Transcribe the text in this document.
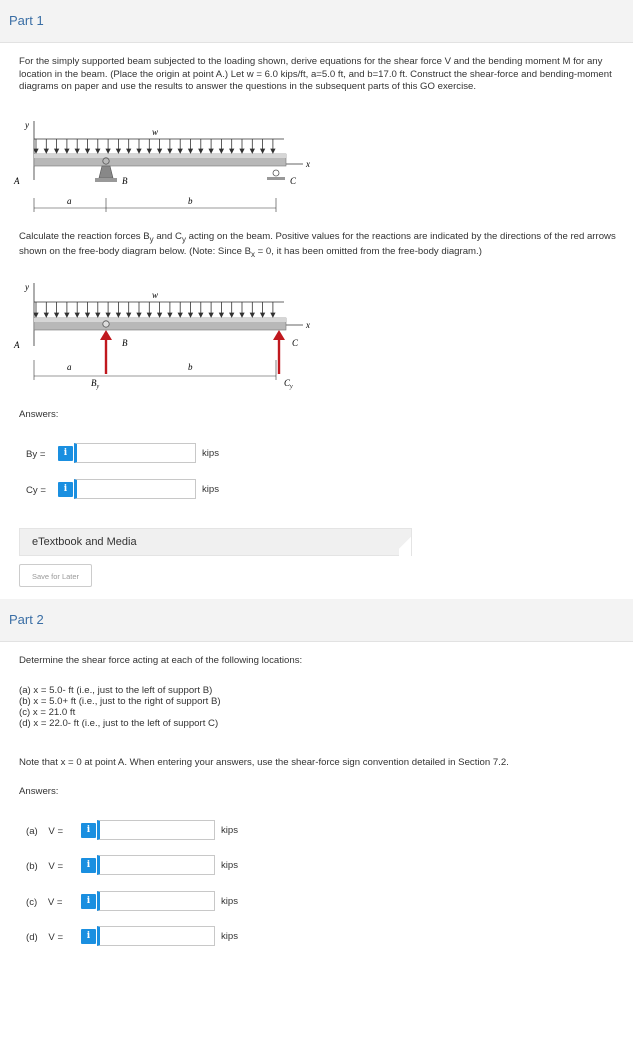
Part 1
For the simply supported beam subjected to the loading shown, derive equations for the shear force V and the bending moment M for any location in the beam. (Place the origin at point A.) Let w = 6.0 kips/ft, a=5.0 ft, and b=17.0 ft. Construct the shear-force and bending-moment diagrams on paper and use the results to answer the questions in the subsequent parts of this GO exercise.
y
x
w
B	C
A
a	b
Calculate the reaction forces $B_y$ and $C_y$ acting on the beam. Positive values for the reactions are indicated by the directions of the red arrows shown on the free-body diagram below. (Note: Since $B_x = 0$, it has been omitted from the free-body diagram.)
y
x
w
B	C
A
a	b
$B_y$	$C_y$
Answers:
By =	i	kips
Cy =	i	kips
eTextbook and Media
Save for Later
Part 2
Determine the shear force acting at each of the following locations:
(a) x = 5.0- ft (i.e., just to the left of support B)
(b) x = 5.0+ ft (i.e., just to the right of support B)
(c) x = 21.0 ft
(d) x = 22.0- ft (i.e., just to the left of support C)
Note that x = 0 at point A. When entering your answers, use the shear-force sign convention detailed in Section 7.2.
Answers:
(a)    V =	i	kips
(b)    V =	i	kips
(c)    V =	i	kips
(d)    V =	i	kips
